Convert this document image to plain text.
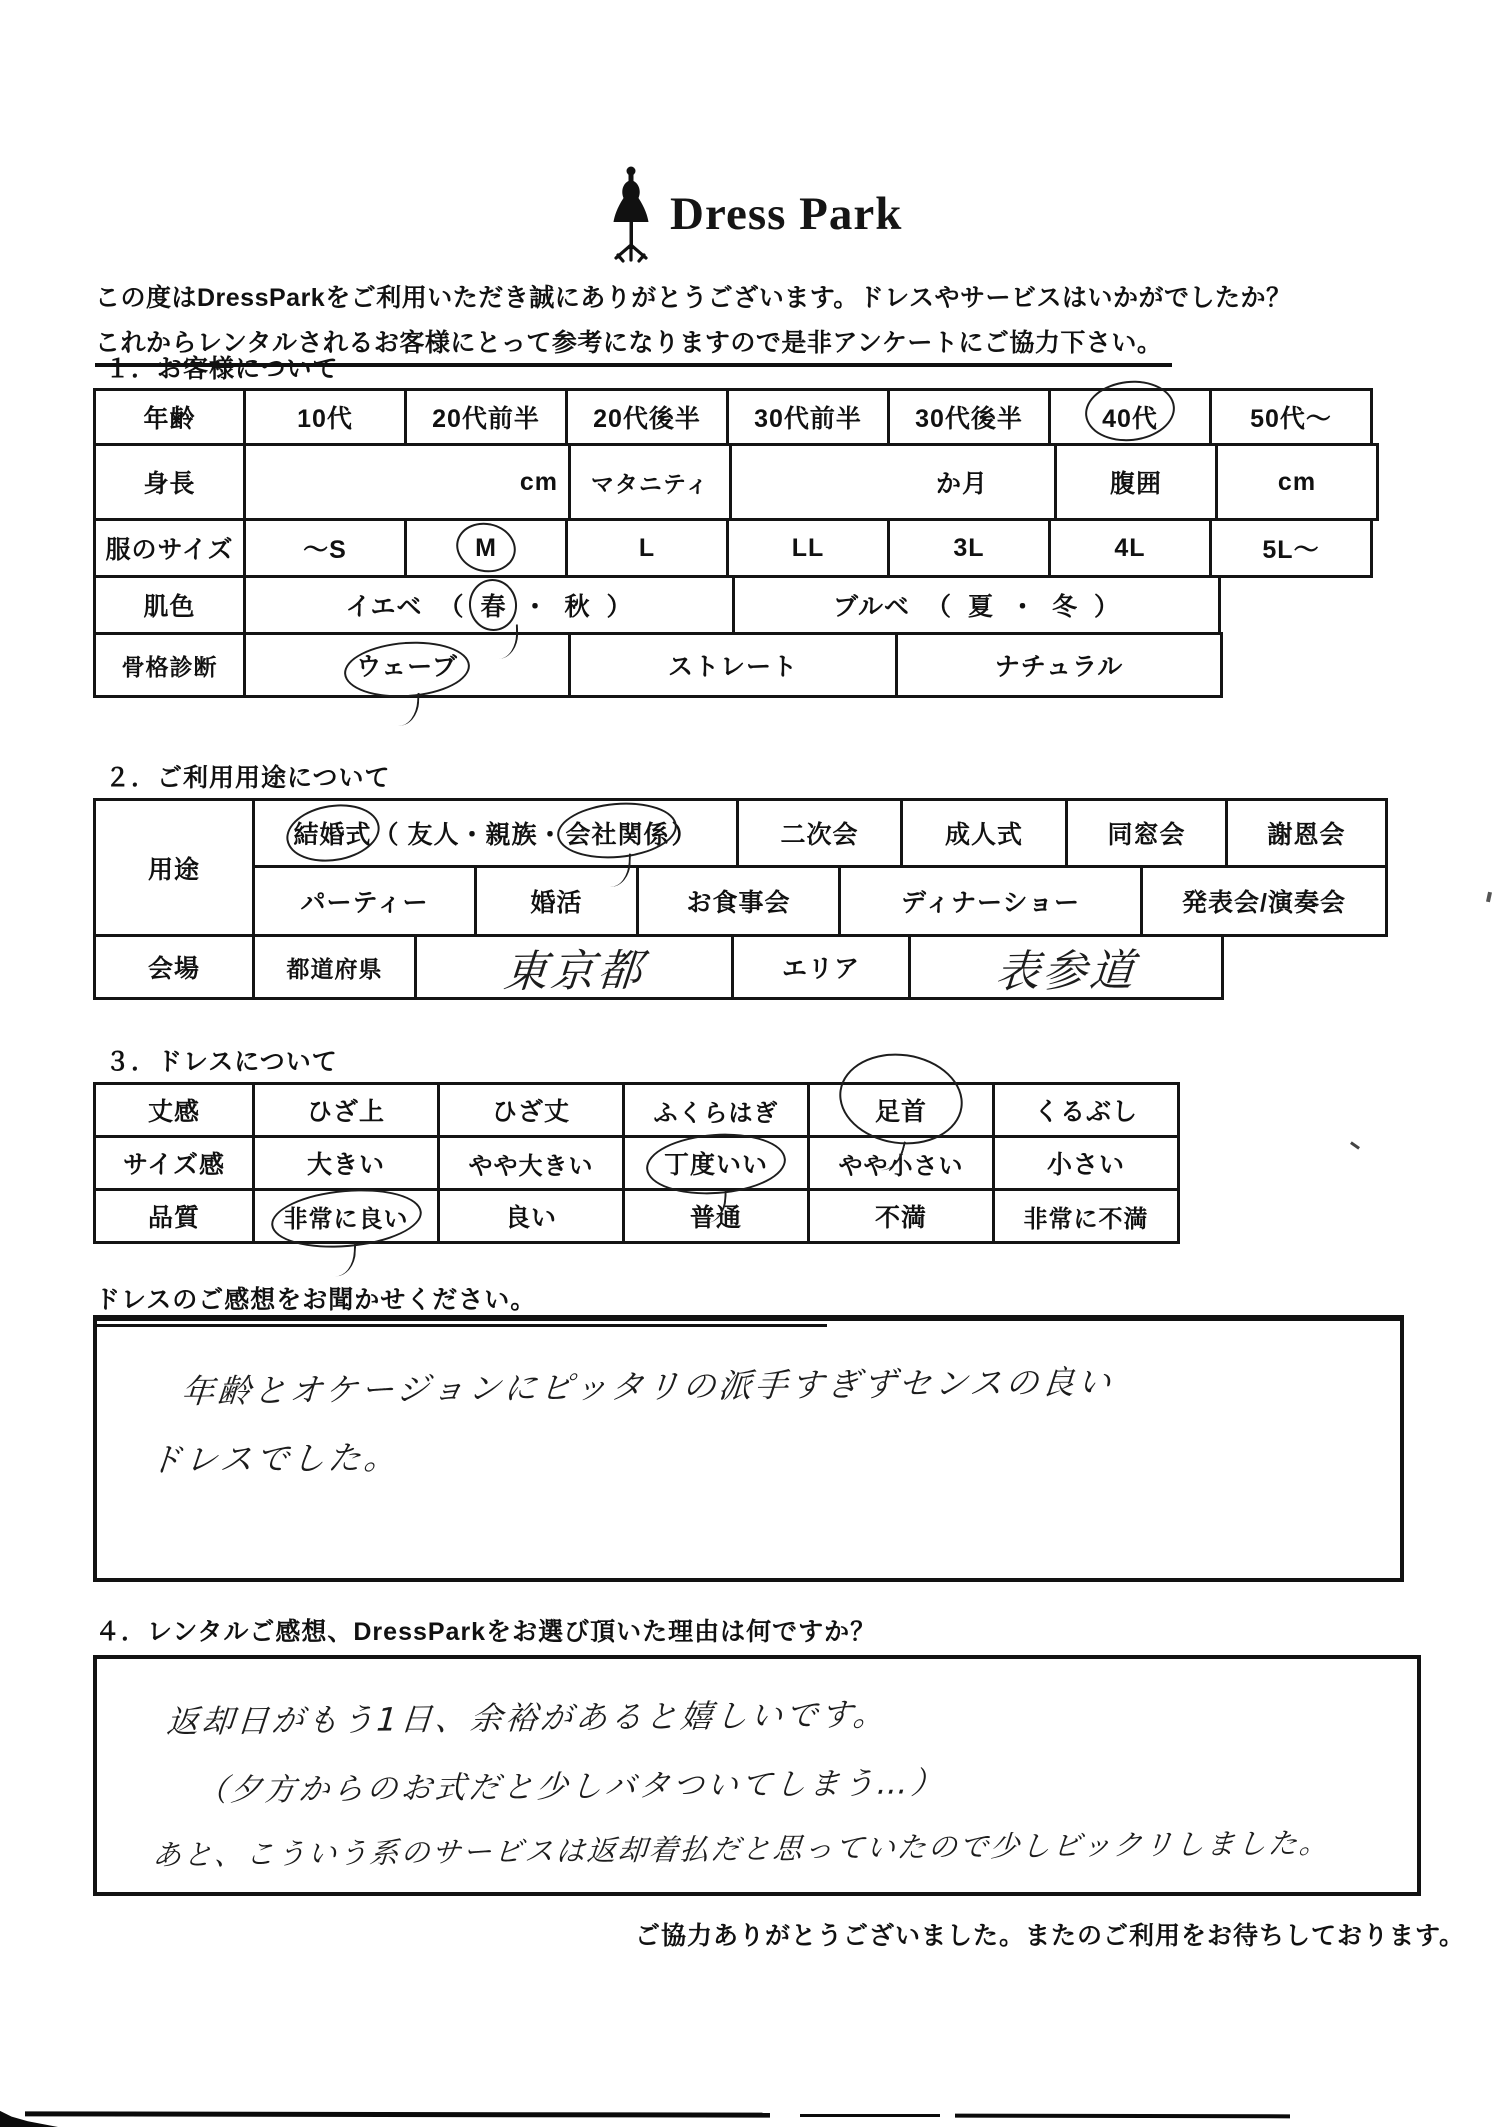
Dress Park
この度はDressParkをご利用いただき誠にありがとうございます。ドレスやサービスはいかがでしたか？
これからレンタルされるお客様にとって参考になりますので是非アンケートにご協力下さい。
１．お客様について
年齢	10代	20代前半	20代後半	30代前半	30代後半	40代	50代～
身長	cm	マタニティ	か月	腹囲	cm
服のサイズ	～S	M	L	LL	3L	4L	5L～
肌色	イエベ （ 春 ・ 秋 ）	ブルベ （ 夏 ・ 冬 ）
骨格診断	ウェーブ	ストレート	ナチュラル
２．ご利用用途について
用途
結婚式 （ 友人・親族・ 会社関係 ）	二次会	成人式	同窓会	謝恩会
パーティー	婚活	お食事会	ディナーショー	発表会/演奏会
会場	都道府県	東京都	エリア	表参道
３．ドレスについて
丈感	ひざ上	ひざ丈	ふくらはぎ	足首	くるぶし
サイズ感	大きい	やや大きい	丁度いい	やや小さい	小さい
品質	非常に良い	良い	普通	不満	非常に不満
ドレスのご感想をお聞かせください。
年齢とオケージョンにピッタリの派手すぎずセンスの良い
ドレスでした。
４．レンタルご感想、DressParkをお選び頂いた理由は何ですか？
返却日がもう1日、余裕があると嬉しいです。
（夕方からのお式だと少しバタついてしまう…）
あと、こういう系のサービスは返却着払だと思っていたので少しビックリしました。
ご協力ありがとうございました。またのご利用をお待ちしております。
